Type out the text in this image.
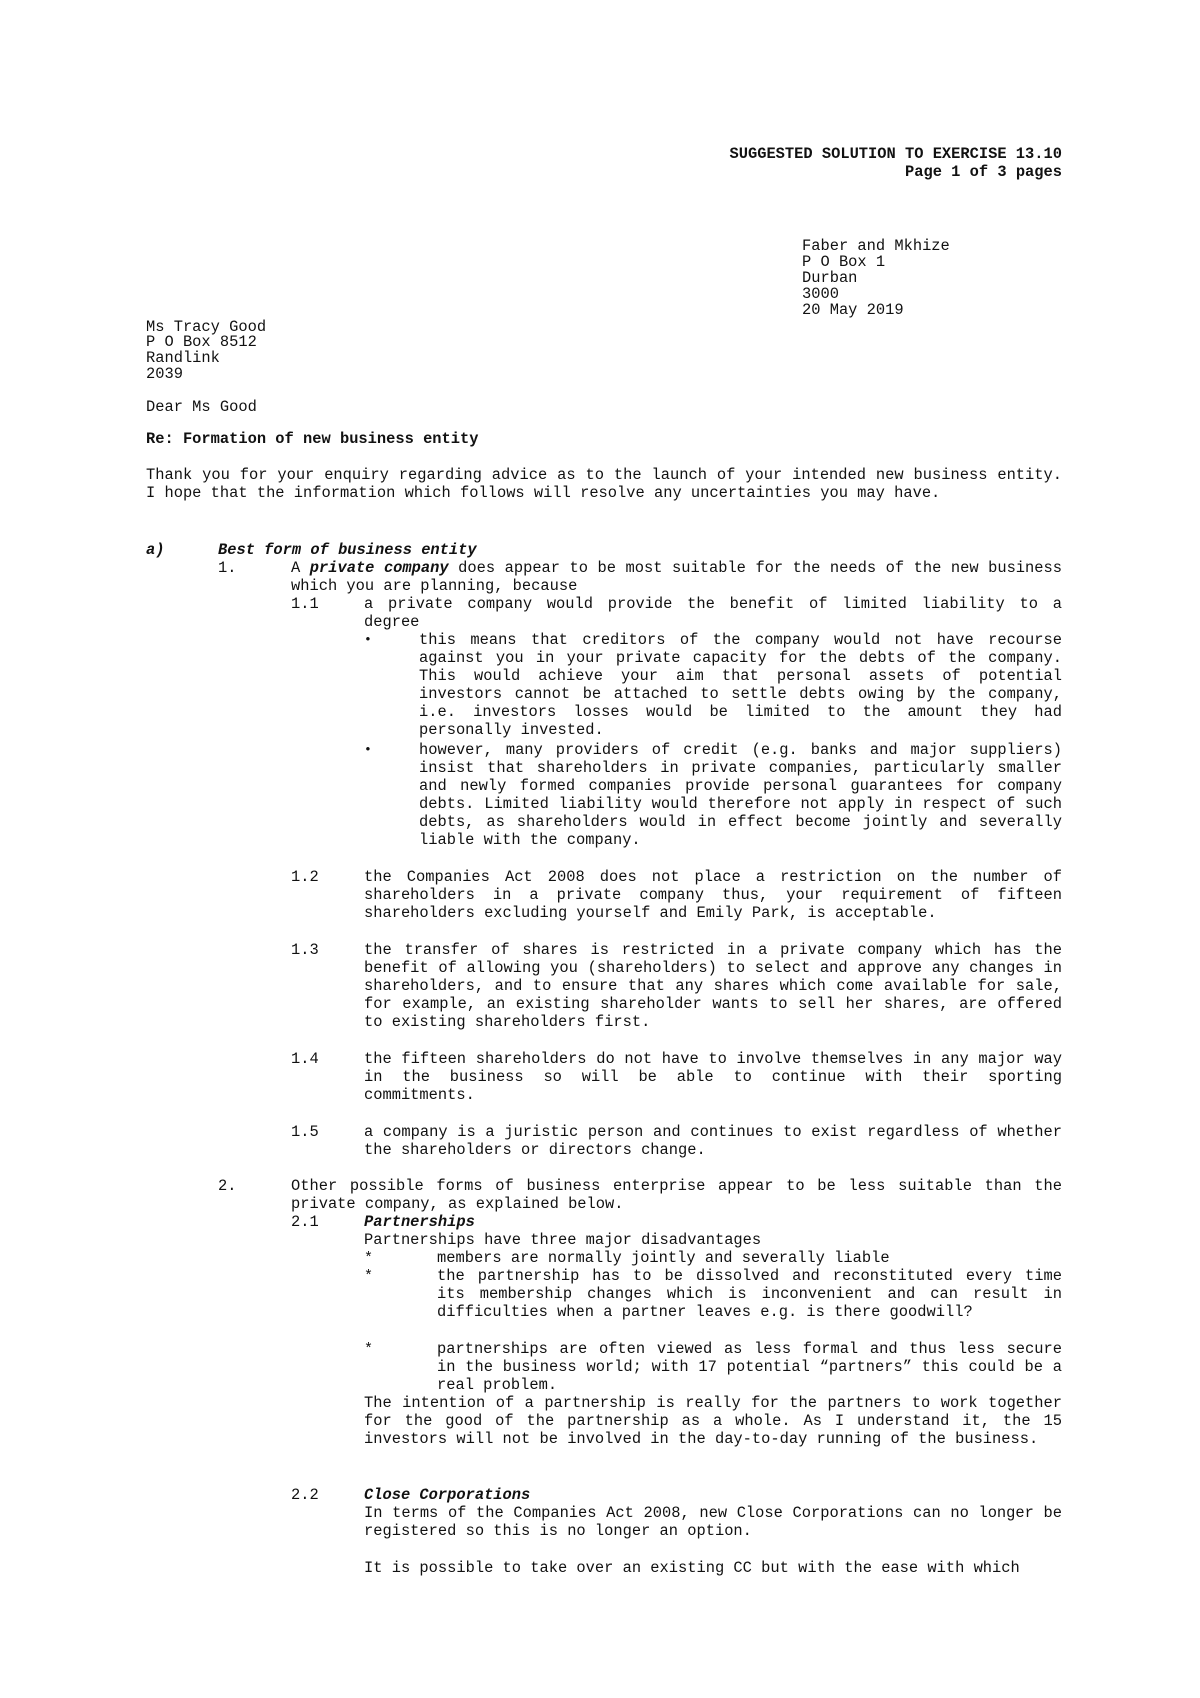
SUGGESTED SOLUTION TO EXERCISE 13.10
Page 1 of 3 pages
Faber and Mkhize
P O Box 1
Durban
3000
20 May 2019
Ms Tracy Good
P O Box 8512
Randlink
2039
Dear Ms Good
Re: Formation of new business entity
Thank you for your enquiry regarding advice as to the launch of your intended new business entity. I hope that the information which follows will resolve any uncertainties you may have.
a)	Best form of business entity
1.	A private company does appear to be most suitable for the needs of the new business which you are planning, because
1.1	a private company would provide the benefit of limited liability to a degree
•	this means that creditors of the company would not have recourse against you in your private capacity for the debts of the company. This would achieve your aim that personal assets of potential investors cannot be attached to settle debts owing by the company, i.e. investors losses would be limited to the amount they had personally invested.
•	however, many providers of credit (e.g. banks and major suppliers) insist that shareholders in private companies, particularly smaller and newly formed companies provide personal guarantees for company debts. Limited liability would therefore not apply in respect of such debts, as shareholders would in effect become jointly and severally liable with the company.
1.2	the Companies Act 2008 does not place a restriction on the number of shareholders in a private company thus, your requirement of fifteen shareholders excluding yourself and Emily Park, is acceptable.
1.3	the transfer of shares is restricted in a private company which has the benefit of allowing you (shareholders) to select and approve any changes in shareholders, and to ensure that any shares which come available for sale, for example, an existing shareholder wants to sell her shares, are offered to existing shareholders first.
1.4	the fifteen shareholders do not have to involve themselves in any major way in the business so will be able to continue with their sporting commitments.
1.5	a company is a juristic person and continues to exist regardless of whether the shareholders or directors change.
2.	Other possible forms of business enterprise appear to be less suitable than the private company, as explained below.
2.1	Partnerships
Partnerships have three major disadvantages
*	members are normally jointly and severally liable
*	the partnership has to be dissolved and reconstituted every time its membership changes which is inconvenient and can result in difficulties when a partner leaves e.g. is there goodwill?
*	partnerships are often viewed as less formal and thus less secure in the business world; with 17 potential “partners” this could be a real problem.
The intention of a partnership is really for the partners to work together for the good of the partnership as a whole. As I understand it, the 15 investors will not be involved in the day-to-day running of the business.
2.2	Close Corporations
In terms of the Companies Act 2008, new Close Corporations can no longer be registered so this is no longer an option.
It is possible to take over an existing CC but with the ease with which
